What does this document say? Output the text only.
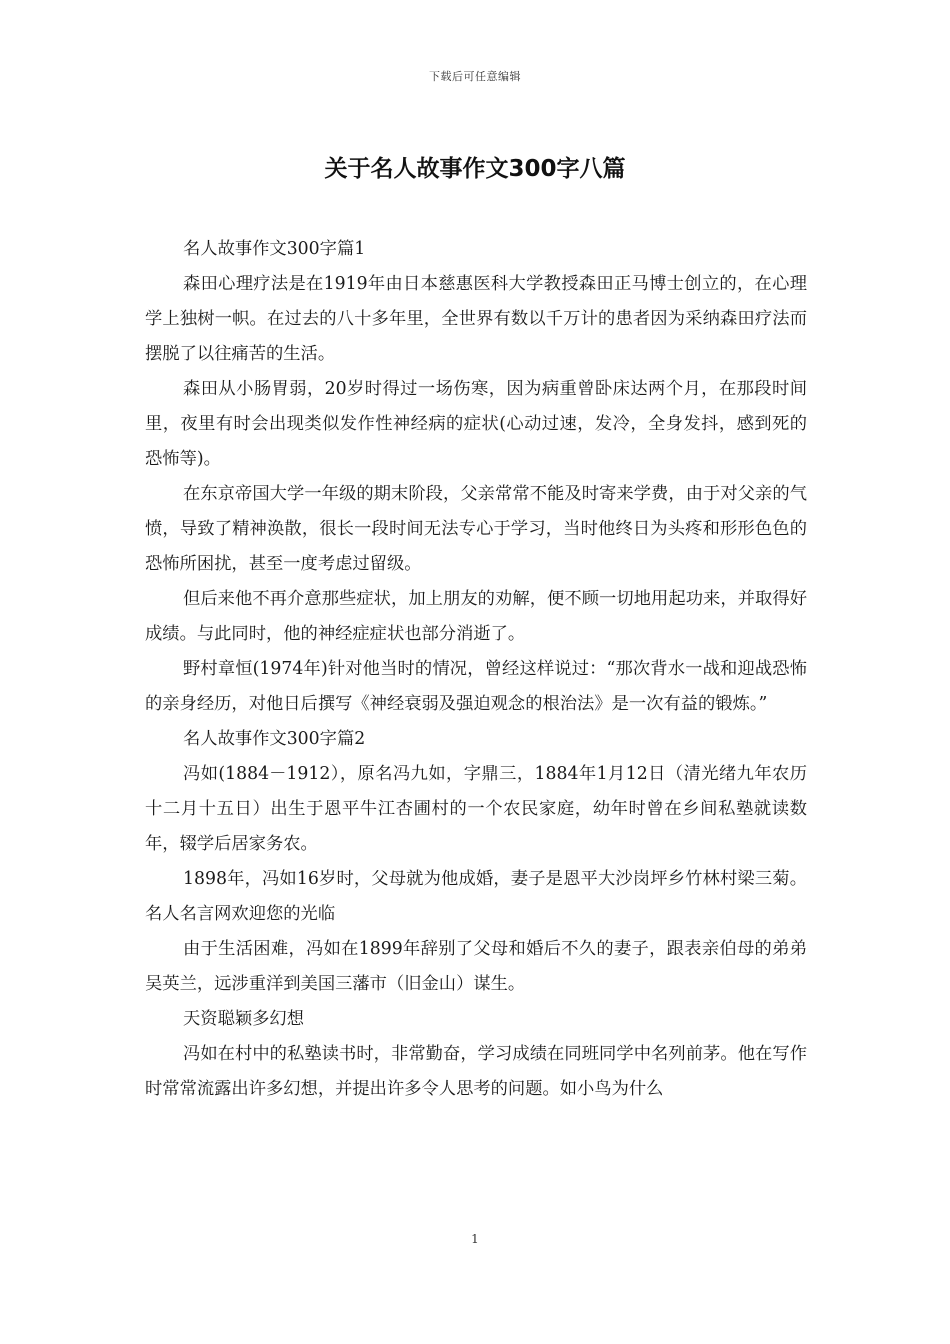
下载后可任意编辑
关于名人故事作文300字八篇

名人故事作文300字篇1

森田心理疗法是在1919年由日本慈惠医科大学教授森田正马博士创立的，在心理学上独树一帜。在过去的八十多年里，全世界有数以千万计的患者因为采纳森田疗法而摆脱了以往痛苦的生活。

森田从小肠胃弱，20岁时得过一场伤寒，因为病重曾卧床达两个月，在那段时间里，夜里有时会出现类似发作性神经病的症状(心动过速，发冷，全身发抖，感到死的恐怖等)。

在东京帝国大学一年级的期末阶段，父亲常常不能及时寄来学费，由于对父亲的气愤，导致了精神涣散，很长一段时间无法专心于学习，当时他终日为头疼和形形色色的恐怖所困扰，甚至一度考虑过留级。

但后来他不再介意那些症状，加上朋友的劝解，便不顾一切地用起功来，并取得好成绩。与此同时，他的神经症症状也部分消逝了。

野村章恒(1974年)针对他当时的情况，曾经这样说过：“那次背水一战和迎战恐怖的亲身经历，对他日后撰写《神经衰弱及强迫观念的根治法》是一次有益的锻炼。”

名人故事作文300字篇2

冯如(1884－1912），原名冯九如，字鼎三，1884年1月12日（清光绪九年农历十二月十五日）出生于恩平牛江杏圃村的一个农民家庭，幼年时曾在乡间私塾就读数年，辍学后居家务农。

1898年，冯如16岁时，父母就为他成婚，妻子是恩平大沙岗坪乡竹林村梁三菊。名人名言网欢迎您的光临

由于生活困难，冯如在1899年辞别了父母和婚后不久的妻子，跟表亲伯母的弟弟吴英兰，远涉重洋到美国三藩市（旧金山）谋生。

天资聪颖多幻想

冯如在村中的私塾读书时，非常勤奋，学习成绩在同班同学中名列前茅。他在写作时常常流露出许多幻想，并提出许多令人思考的问题。如小鸟为什么

1
